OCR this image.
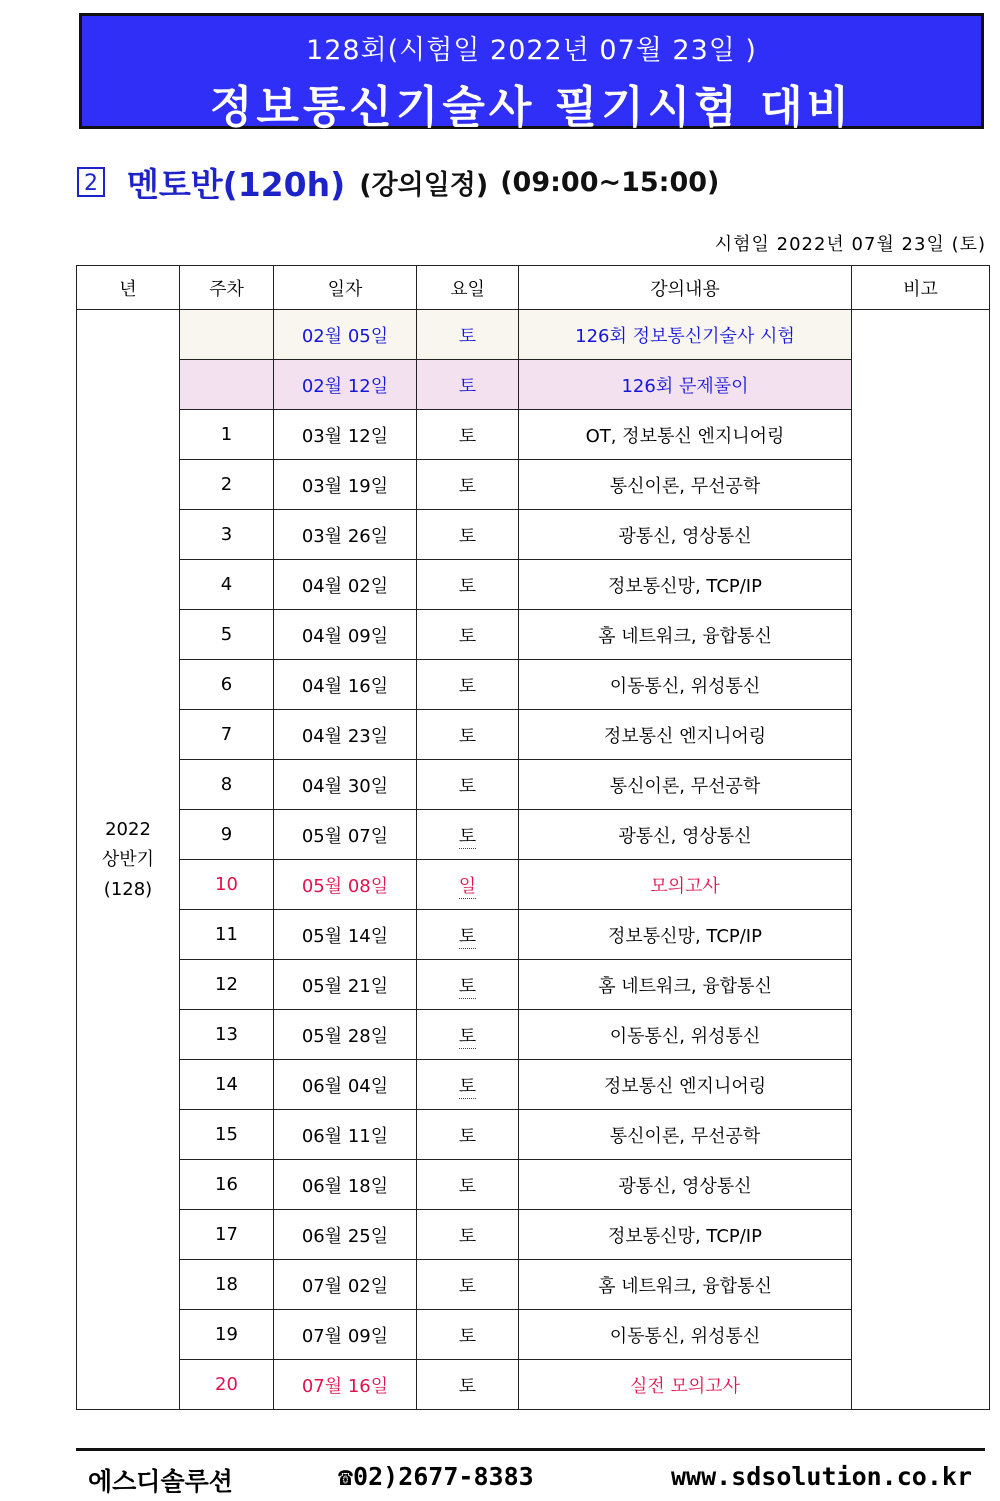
128회(시험일 2022년 07월 23일 )
정보통신기술사 필기시험 대비
2 멘토반(120h) (강의일정) (09:00~15:00)
시험일 2022년 07월 23일 (토)
년	주차	일자	요일	강의내용	비고

2022
상반기
(128)		02월 05일	토	126회 정보통신기술사 시험	
		02월 12일	토	126회 문제풀이	
	1	03월 12일	토	OT, 정보통신 엔지니어링	
	2	03월 19일	토	통신이론, 무선공학	
	3	03월 26일	토	광통신, 영상통신	
	4	04월 02일	토	정보통신망, TCP/IP	
	5	04월 09일	토	홈 네트워크, 융합통신	
	6	04월 16일	토	이동통신, 위성통신	
	7	04월 23일	토	정보통신 엔지니어링	
	8	04월 30일	토	통신이론, 무선공학	
	9	05월 07일	토	광통신, 영상통신	
	10	05월 08일	일	모의고사	
	11	05월 14일	토	정보통신망, TCP/IP	
	12	05월 21일	토	홈 네트워크, 융합통신	
	13	05월 28일	토	이동통신, 위성통신	
	14	06월 04일	토	정보통신 엔지니어링	
	15	06월 11일	토	통신이론, 무선공학	
	16	06월 18일	토	광통신, 영상통신	
	17	06월 25일	토	정보통신망, TCP/IP	
	18	07월 02일	토	홈 네트워크, 융합통신	
	19	07월 09일	토	이동통신, 위성통신	
	20	07월 16일	토	실전 모의고사	
에스디솔루션	☎02)2677-8383	www.sdsolution.co.kr
